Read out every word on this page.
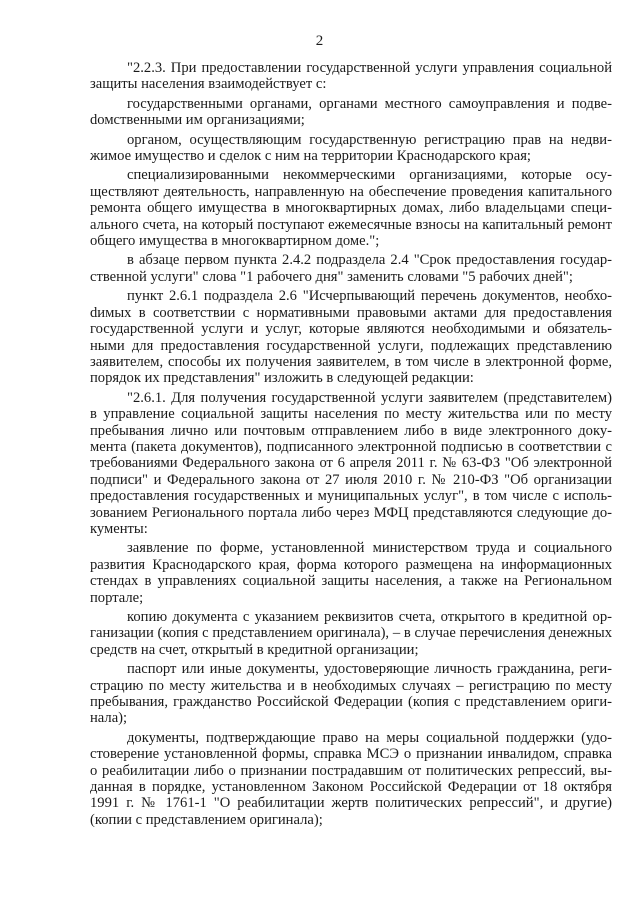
2

"2.2.3. При предоставлении государственной услуги управления социальной защиты населения взаимодействует с:

государственными органами, органами местного самоуправления и подвеdомственными им организациями;

органом, осуществляющим государственную регистрацию прав на недвижимое имущество и сделок с ним на территории Краснодарского края;

специализированными некоммерческими организациями, которые осуществляют деятельность, направленную на обеспечение проведения капитального ремонта общего имущества в многоквартирных домах, либо владельцами специального счета, на который поступают ежемесячные взносы на капитальный ремонт общего имущества в многоквартирном доме.";

в абзаце первом пункта 2.4.2 подраздела 2.4 "Срок предоставления государственной услуги" слова "1 рабочего дня" заменить словами "5 рабочих дней";

пункт 2.6.1 подраздела 2.6 "Исчерпывающий перечень документов, необхоdимых в соответствии с нормативными правовыми актами для предоставления государственной услуги и услуг, которые являются необходимыми и обязательными для предоставления государственной услуги, подлежащих представлению заявителем, способы их получения заявителем, в том числе в электронной форме, порядок их представления" изложить в следующей редакции:

"2.6.1. Для получения государственной услуги заявителем (представителем) в управление социальной защиты населения по месту жительства или по месту пребывания лично или почтовым отправлением либо в виде электронного документа (пакета документов), подписанного электронной подписью в соответствии с требованиями Федерального закона от 6 апреля 2011 г. № 63-ФЗ "Об электронной подписи" и Федерального закона от 27 июля 2010 г. № 210-ФЗ "Об организации предоставления государственных и муниципальных услуг", в том числе с использованием Регионального портала либо через МФЦ представляются следующие документы:

заявление по форме, установленной министерством труда и социального развития Краснодарского края, форма которого размещена на информационных стендах в управлениях социальной защиты населения, а также на Региональном портале;

копию документа с указанием реквизитов счета, открытого в кредитной организации (копия с представлением оригинала), – в случае перечисления денежных средств на счет, открытый в кредитной организации;

паспорт или иные документы, удостоверяющие личность гражданина, регистрацию по месту жительства и в необходимых случаях – регистрацию по месту пребывания, гражданство Российской Федерации (копия с представлением оригинала);

документы, подтверждающие право на меры социальной поддержки (удостоверение установленной формы, справка МСЭ о признании инвалидом, справка о реабилитации либо о признании пострадавшим от политических репрессий, выданная в порядке, установленном Законом Российской Федерации от 18 октября 1991 г. № 1761-1 "О реабилитации жертв политических репрессий", и другие) (копии с представлением оригинала);
